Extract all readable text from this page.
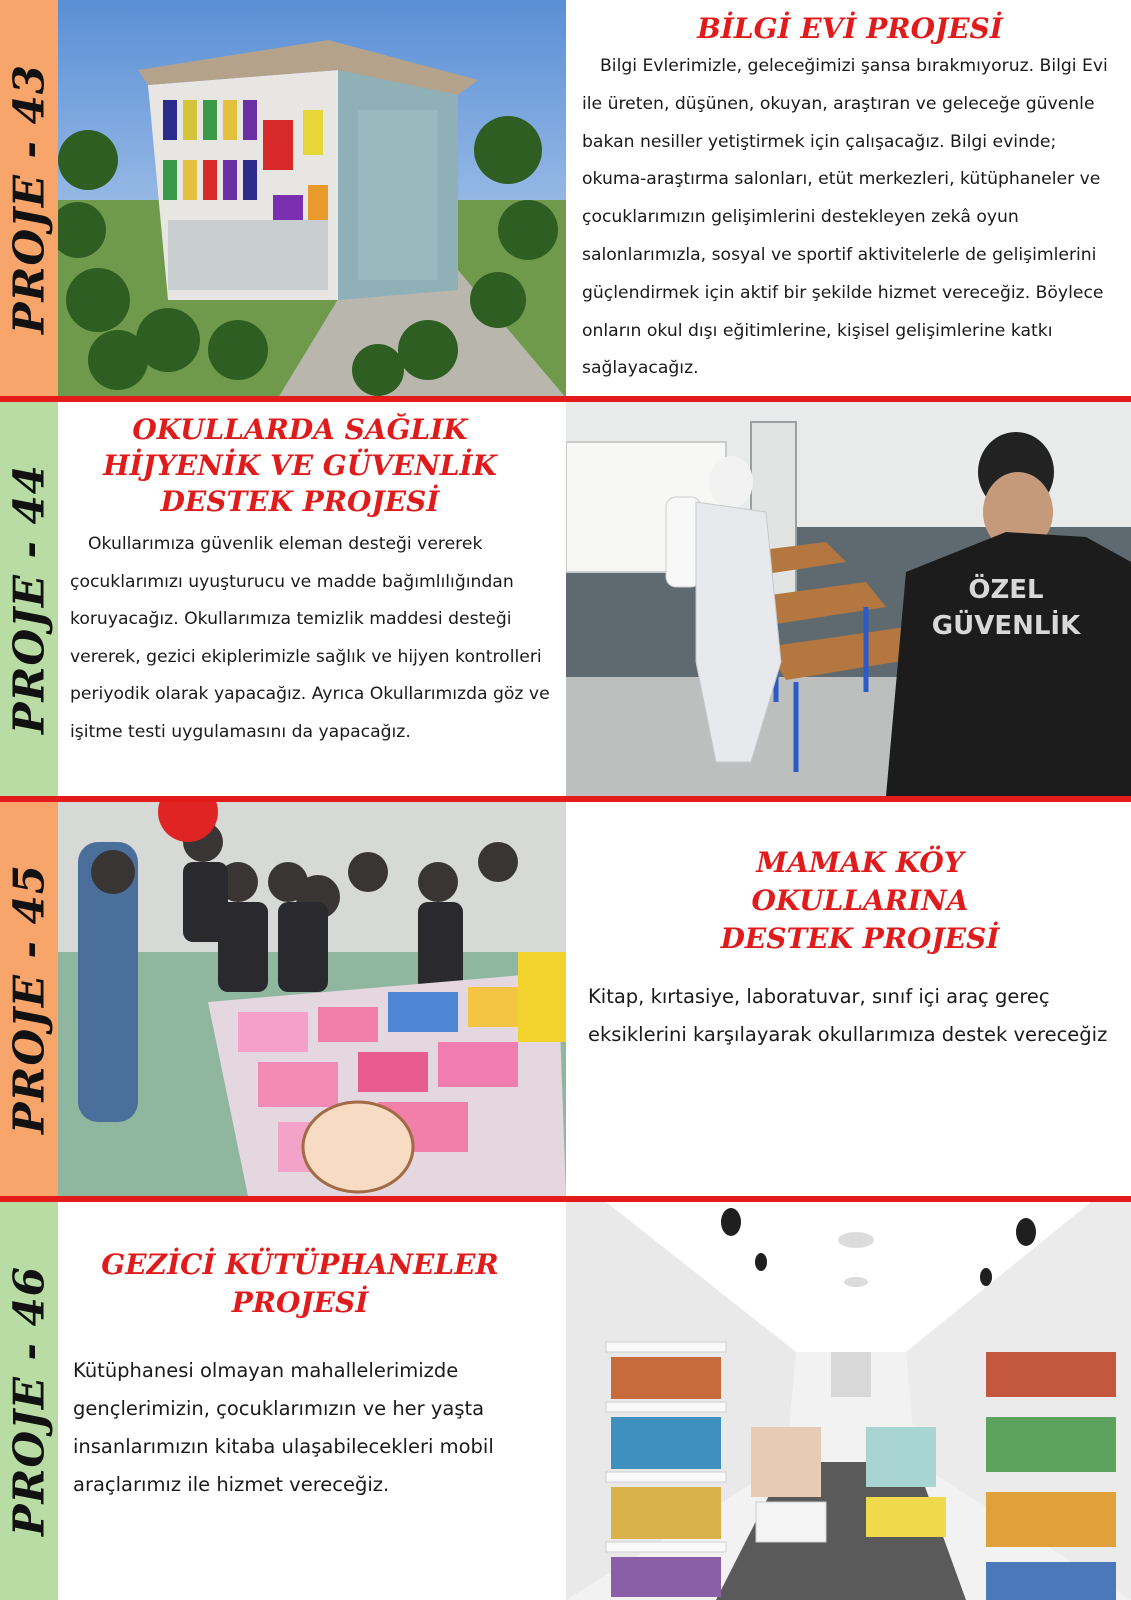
PROJE - 43
BİLGİ EVİ PROJESİ

Bilgi Evlerimizle, geleceğimizi şansa bırakmıyoruz. Bilgi Evi ile üreten, düşünen, okuyan, araştıran ve geleceğe güvenle bakan nesiller yetiştirmek için çalışacağız. Bilgi evinde; okuma-araştırma salonları, etüt merkezleri, kütüphaneler ve çocuklarımızın gelişimlerini destekleyen zekâ oyun salonlarımızla, sosyal ve sportif aktivitelerle de gelişimlerini güçlendirmek için aktif bir şekilde hizmet vereceğiz. Böylece onların okul dışı eğitimlerine, kişisel gelişimlerine katkı sağlayacağız.

PROJE - 44
OKULLARDA SAĞLIK HİJYENİK VE GÜVENLİK DESTEK PROJESİ

Okullarımıza güvenlik eleman desteği vererek çocuklarımızı uyuşturucu ve madde bağımlılığından koruyacağız. Okullarımıza temizlik maddesi desteği vererek, gezici ekiplerimizle sağlık ve hijyen kontrolleri periyodik olarak yapacağız. Ayrıca Okullarımızda göz ve işitme testi uygulamasını da yapacağız.

ÖZEL
GÜVENLİK
PROJE - 45
MAMAK KÖY OKULLARINA DESTEK PROJESİ

Kitap, kırtasiye, laboratuvar, sınıf içi araç gereç eksiklerini karşılayarak okullarımıza destek vereceğiz

PROJE - 46
GEZİCİ KÜTÜPHANELER PROJESİ

Kütüphanesi olmayan mahallelerimizde gençlerimizin, çocuklarımızın ve her yaşta insanlarımızın kitaba ulaşabilecekleri mobil araçlarımız ile hizmet vereceğiz.
